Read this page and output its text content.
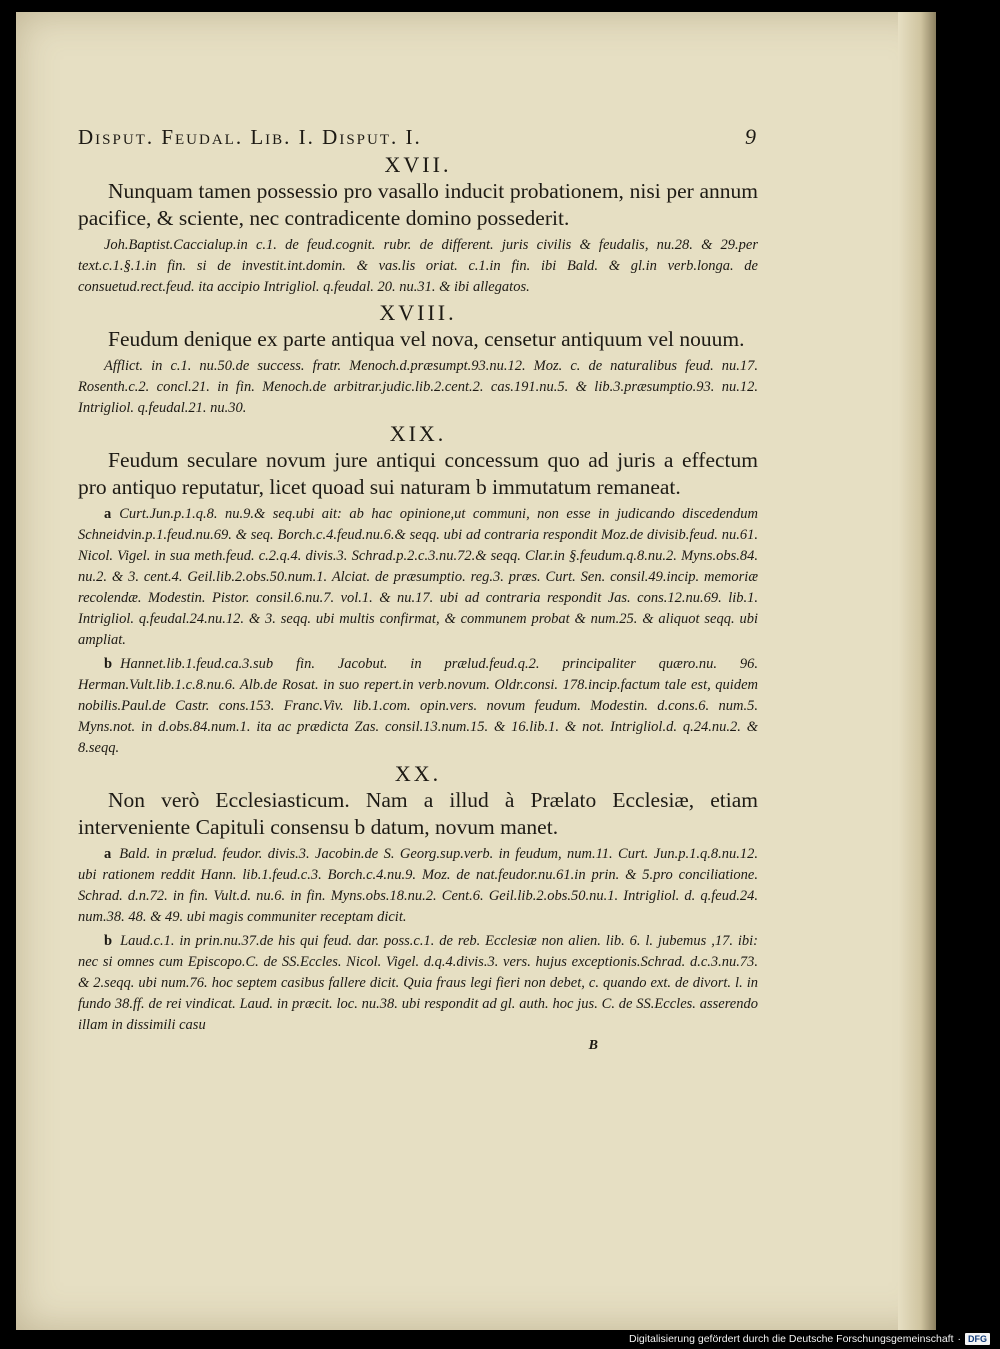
Disput. Feudal. Lib. I. Disput. I.	9
XVII.

Nunquam tamen possessio pro vasallo inducit probationem, nisi per annum pacifice, & sciente, nec contradicente domino possederit.

Joh.Baptist.Caccialup.in c.1. de feud.cognit. rubr. de different. juris civilis & feudalis, nu.28. & 29.per text.c.1.§.1.in fin. si de investit.int.domin. & vas.lis oriat. c.1.in fin. ibi Bald. & gl.in verb.longa. de consuetud.rect.feud. ita accipio Intrigliol. q.feudal. 20. nu.31. & ibi allegatos.

XVIII.

Feudum denique ex parte antiqua vel nova, censetur antiquum vel nouum.

Afflict. in c.1. nu.50.de success. fratr. Menoch.d.præsumpt.93.nu.12. Moz. c. de naturalibus feud. nu.17. Rosenth.c.2. concl.21. in fin. Menoch.de arbitrar.judic.lib.2.cent.2. cas.191.nu.5. & lib.3.præsumptio.93. nu.12. Intrigliol. q.feudal.21. nu.30.

XIX.

Feudum seculare novum jure antiqui concessum quo ad juris a effectum pro antiquo reputatur, licet quoad sui naturam b immutatum remaneat.

a Curt.Jun.p.1.q.8. nu.9.& seq.ubi ait: ab hac opinione,ut communi, non esse in judicando discedendum Schneidvin.p.1.feud.nu.69. & seq. Borch.c.4.feud.nu.6.& seqq. ubi ad contraria respondit Moz.de divisib.feud. nu.61. Nicol. Vigel. in sua meth.feud. c.2.q.4. divis.3. Schrad.p.2.c.3.nu.72.& seqq. Clar.in §.feudum.q.8.nu.2. Myns.obs.84. nu.2. & 3. cent.4. Geil.lib.2.obs.50.num.1. Alciat. de præsumptio. reg.3. præs. Curt. Sen. consil.49.incip. memoriæ recolendæ. Modestin. Pistor. consil.6.nu.7. vol.1. & nu.17. ubi ad contraria respondit Jas. cons.12.nu.69. lib.1. Intrigliol. q.feudal.24.nu.12. & 3. seqq. ubi multis confirmat, & communem probat & num.25. & aliquot seqq. ubi ampliat.

b Hannet.lib.1.feud.ca.3.sub fin. Jacobut. in prælud.feud.q.2. principaliter quæro.nu. 96. Herman.Vult.lib.1.c.8.nu.6. Alb.de Rosat. in suo repert.in verb.novum. Oldr.consi. 178.incip.factum tale est, quidem nobilis.Paul.de Castr. cons.153. Franc.Viv. lib.1.com. opin.vers. novum feudum. Modestin. d.cons.6. num.5. Myns.not. in d.obs.84.num.1. ita ac prædicta Zas. consil.13.num.15. & 16.lib.1. & not. Intrigliol.d. q.24.nu.2. & 8.seqq.

XX.

Non verò Ecclesiasticum. Nam a illud à Prælato Ecclesiæ, etiam interveniente Capituli consensu b datum, novum manet.

a Bald. in prælud. feudor. divis.3. Jacobin.de S. Georg.sup.verb. in feudum, num.11. Curt. Jun.p.1.q.8.nu.12. ubi rationem reddit Hann. lib.1.feud.c.3. Borch.c.4.nu.9. Moz. de nat.feudor.nu.61.in prin. & 5.pro conciliatione. Schrad. d.n.72. in fin. Vult.d. nu.6. in fin. Myns.obs.18.nu.2. Cent.6. Geil.lib.2.obs.50.nu.1. Intrigliol. d. q.feud.24. num.38. 48. & 49. ubi magis communiter receptam dicit.

b Laud.c.1. in prin.nu.37.de his qui feud. dar. poss.c.1. de reb. Ecclesiæ non alien. lib. 6. l. jubemus ,17. ibi: nec si omnes cum Episcopo.C. de SS.Eccles. Nicol. Vigel. d.q.4.divis.3. vers. hujus exceptionis.Schrad. d.c.3.nu.73. & 2.seqq. ubi num.76. hoc septem casibus fallere dicit. Quia fraus legi fieri non debet, c. quando ext. de divort. l. in fundo 38.ff. de rei vindicat. Laud. in præcit. loc. nu.38. ubi respondit ad gl. auth. hoc jus. C. de SS.Eccles. asserendo illam in dissimili casu

B
Digitalisierung gefördert durch die Deutsche Forschungsgemeinschaft · DFG
